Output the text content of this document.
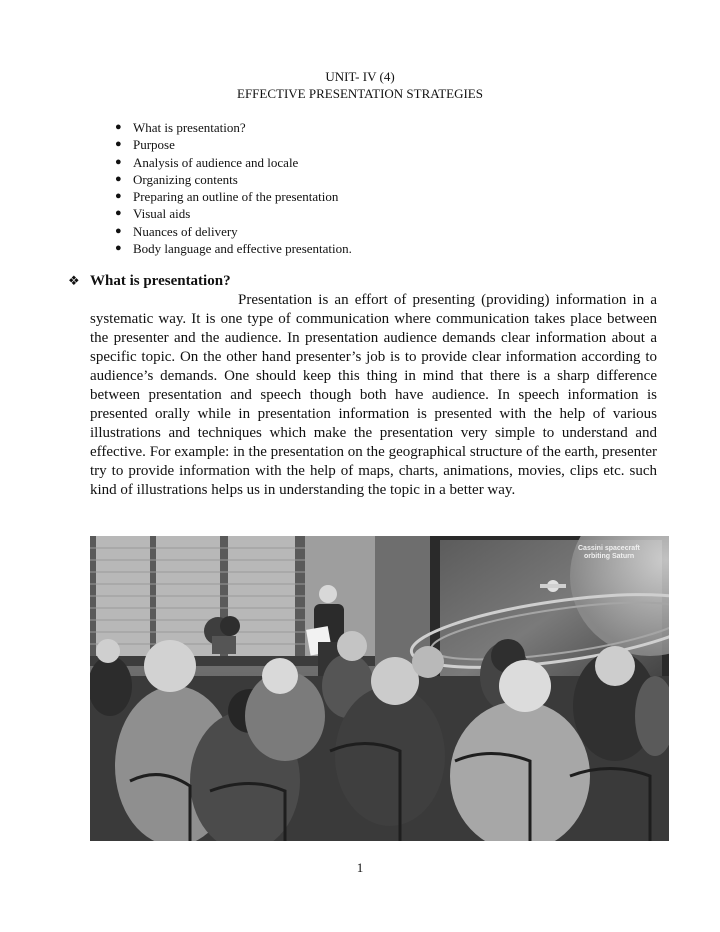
UNIT- IV (4)
EFFECTIVE PRESENTATION STRATEGIES
● What is presentation?
● Purpose
● Analysis of audience and locale
● Organizing contents
● Preparing an outline of the presentation
● Visual aids
● Nuances of delivery
● Body language and effective presentation.
❖ What is presentation?

Presentation is an effort of presenting (providing) information in a systematic way. It is one type of communication where communication takes place between the presenter and the audience. In presentation audience demands clear information about a specific topic. On the other hand presenter’s job is to provide clear information according to audience’s demands. One should keep this thing in mind that there is a sharp difference between presentation and speech though both have audience. In speech information is presented orally while in presentation information is presented with the help of various illustrations and techniques which make the presentation very simple to understand and effective. For example: in the presentation on the geographical structure of the earth, presenter try to provide information with the help of maps, charts, animations, movies, clips etc. such kind of illustrations helps us in understanding the topic in a better way.

Cassini spacecraft
orbiting Saturn
1
